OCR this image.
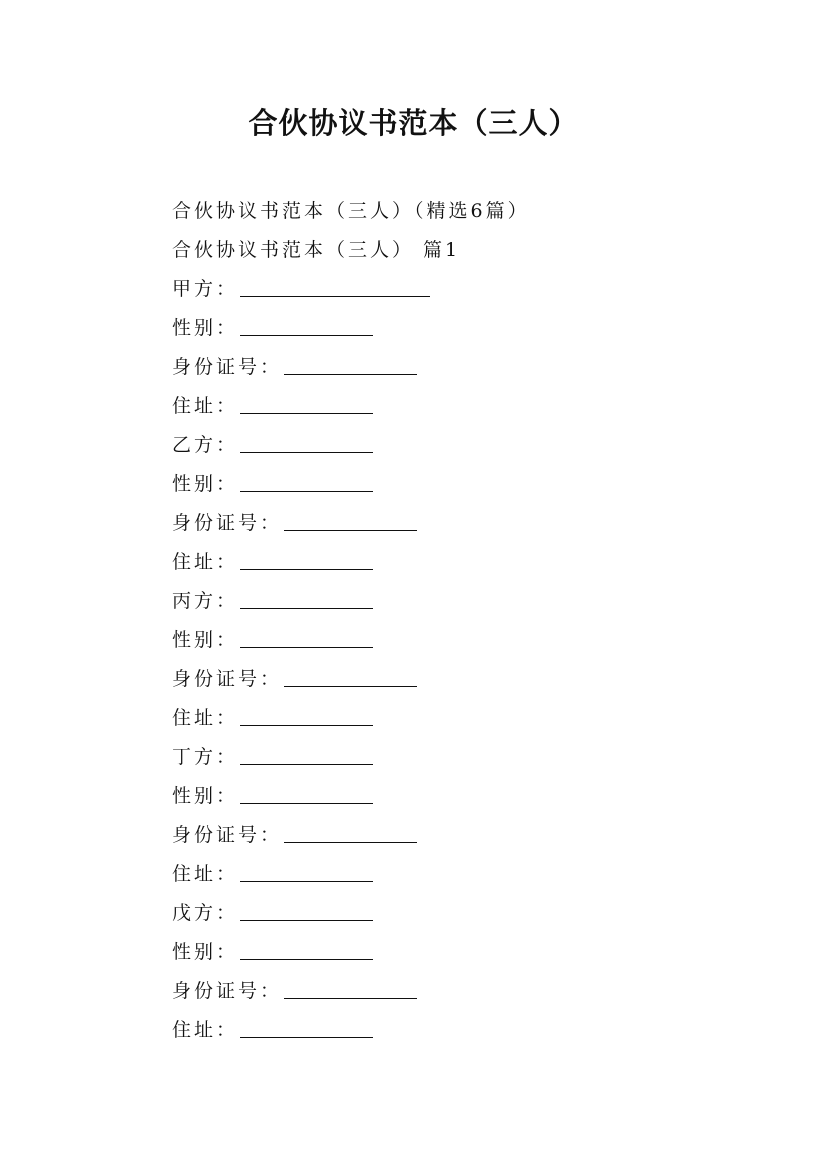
合伙协议书范本（三人）
合伙协议书范本（三人）（精选6篇）
合伙协议书范本（三人） 篇1
甲方：
性别：
身份证号：
住址：
乙方：
性别：
身份证号：
住址：
丙方：
性别：
身份证号：
住址：
丁方：
性别：
身份证号：
住址：
戊方：
性别：
身份证号：
住址：
